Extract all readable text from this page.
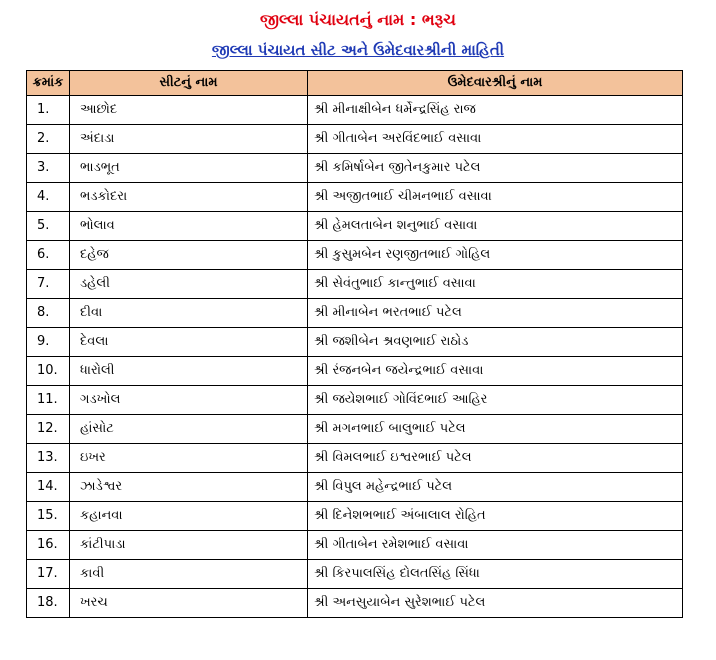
જીલ્લા પંચાયતનું નામ : ભરૂચ
જીલ્લા પંચાયત સીટ અને ઉમેદવારશ્રીની માહિતી
ક્રમાંક	સીટનું નામ	ઉમેદવારશ્રીનું નામ
1.	આછોદ	શ્રી મીનાક્ષીબેન ધર્મેન્દ્રસિંહ રાજ
2.	અંદાડા	શ્રી ગીતાબેન અરવિંદભાઈ વસાવા
3.	ભાડભૂત	શ્રી કમિર્ષાબેન જીતેનકુમાર પટેલ
4.	ભડકોદરા	શ્રી અજીતભાઈ ચીમનભાઈ વસાવા
5.	ભોલાવ	શ્રી હેમલતાબેન શનુભાઈ વસાવા
6.	દહેજ	શ્રી કુસુમબેન રણજીતભાઈ ગોહિલ
7.	ડહેલી	શ્રી સેવંતુભાઈ કાન્તુભાઈ વસાવા
8.	દીવા	શ્રી મીનાબેન ભરતભાઈ પટેલ
9.	દેવલા	શ્રી જશીબેન શ્રવણભાઈ રાઠોડ
10.	ધારોલી	શ્રી રંજનબેન જયેન્દ્રભાઈ વસાવા
11.	ગડખોલ	શ્રી જયેશભાઈ ગોવિંદભાઈ આહિર
12.	હાંસોટ	શ્રી મગનભાઈ બાલુભાઈ પટેલ
13.	ઇખર	શ્રી વિમલભાઈ ઇશ્વરભાઈ પટેલ
14.	ઝાડેશ્વર	શ્રી વિપુલ મહેન્દ્રભાઈ પટેલ
15.	કહાનવા	શ્રી દિનેશભભાઈ અંબાલાલ રોહિત
16.	કાંટીપાડા	શ્રી ગીતાબેન રમેશભાઈ વસાવા
17.	કાવી	શ્રી કિરપાલસિંહ દોલતસિંહ સિંધા
18.	ખરચ	શ્રી અનસુયાબેન સુરેશભાઈ પટેલ
